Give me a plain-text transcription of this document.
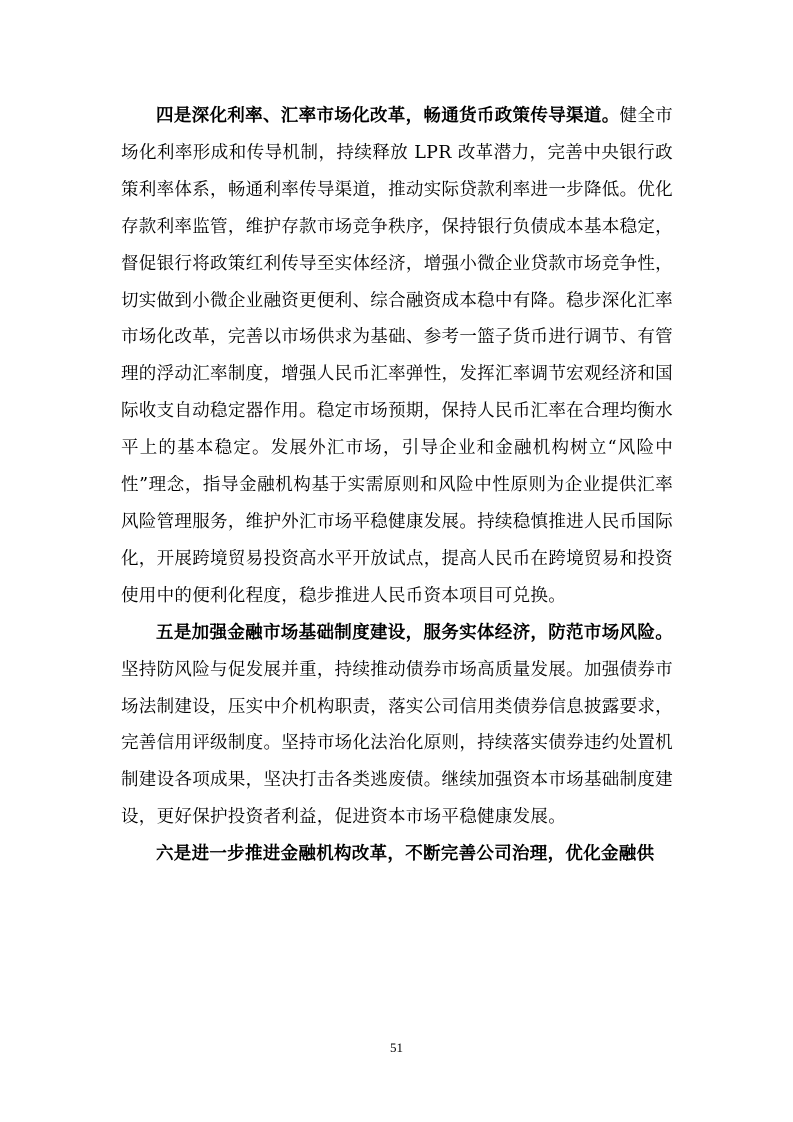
四是深化利率、汇率市场化改革，畅通货币政策传导渠道。健全市场化利率形成和传导机制，持续释放 LPR 改革潜力，完善中央银行政策利率体系，畅通利率传导渠道，推动实际贷款利率进一步降低。优化存款利率监管，维护存款市场竞争秩序，保持银行负债成本基本稳定，督促银行将政策红利传导至实体经济，增强小微企业贷款市场竞争性，切实做到小微企业融资更便利、综合融资成本稳中有降。稳步深化汇率市场化改革，完善以市场供求为基础、参考一篮子货币进行调节、有管理的浮动汇率制度，增强人民币汇率弹性，发挥汇率调节宏观经济和国际收支自动稳定器作用。稳定市场预期，保持人民币汇率在合理均衡水平上的基本稳定。发展外汇市场，引导企业和金融机构树立“风险中性”理念，指导金融机构基于实需原则和风险中性原则为企业提供汇率风险管理服务，维护外汇市场平稳健康发展。持续稳慎推进人民币国际化，开展跨境贸易投资高水平开放试点，提高人民币在跨境贸易和投资使用中的便利化程度，稳步推进人民币资本项目可兑换。

五是加强金融市场基础制度建设，服务实体经济，防范市场风险。坚持防风险与促发展并重，持续推动债券市场高质量发展。加强债券市场法制建设，压实中介机构职责，落实公司信用类债券信息披露要求，完善信用评级制度。坚持市场化法治化原则，持续落实债券违约处置机制建设各项成果，坚决打击各类逃废债。继续加强资本市场基础制度建设，更好保护投资者利益，促进资本市场平稳健康发展。

六是进一步推进金融机构改革，不断完善公司治理，优化金融供

51
